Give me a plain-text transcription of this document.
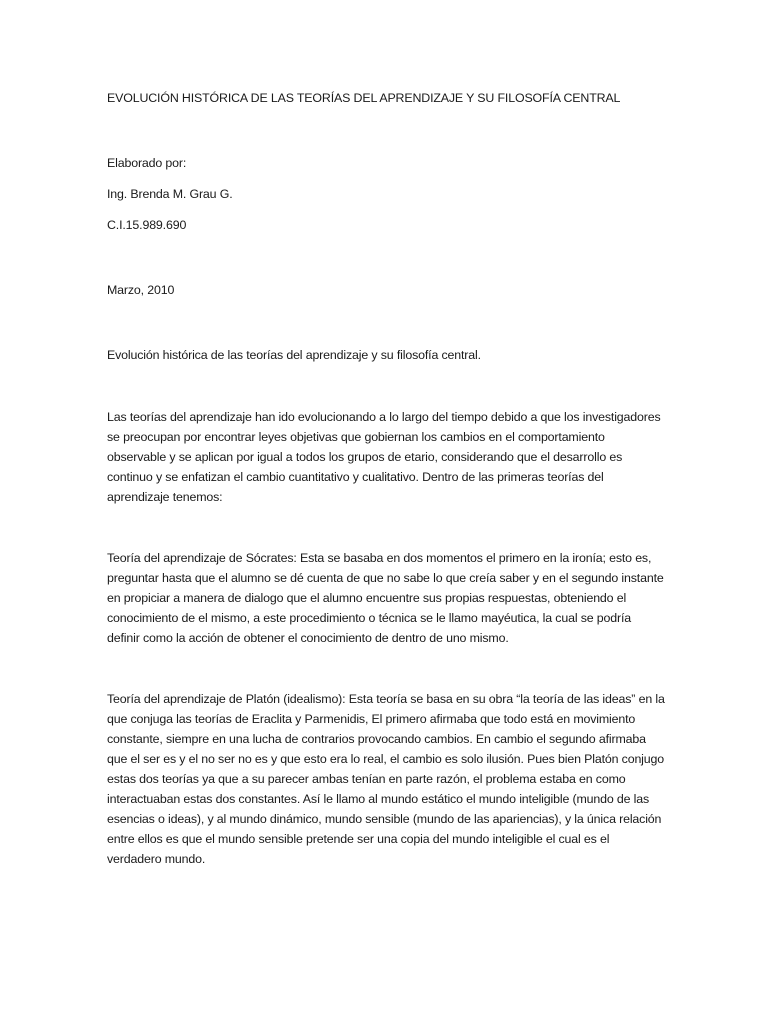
EVOLUCIÓN HISTÓRICA DE LAS TEORÍAS DEL APRENDIZAJE Y SU FILOSOFÍA CENTRAL

Elaborado por:

Ing. Brenda M. Grau G.

C.I.15.989.690

Marzo, 2010

Evolución histórica de las teorías del aprendizaje y su filosofía central.

Las teorías del aprendizaje han ido evolucionando a lo largo del tiempo debido a que los investigadores se preocupan por encontrar leyes objetivas que gobiernan los cambios en el comportamiento observable y se aplican por igual a todos los grupos de etario, considerando que el desarrollo es continuo y se enfatizan el cambio cuantitativo y cualitativo. Dentro de las primeras teorías del aprendizaje tenemos:

Teoría del aprendizaje de Sócrates: Esta se basaba en dos momentos el primero en la ironía; esto es, preguntar hasta que el alumno se dé cuenta de que no sabe lo que creía saber y en el segundo instante en propiciar a manera de dialogo que el alumno encuentre sus propias respuestas, obteniendo el conocimiento de el mismo, a este procedimiento o técnica se le llamo mayéutica, la cual se podría definir como la acción de obtener el conocimiento de dentro de uno mismo.

Teoría del aprendizaje de Platón (idealismo): Esta teoría se basa en su obra “la teoría de las ideas” en la que conjuga las teorías de Eraclita y Parmenidis, El primero afirmaba que todo está en movimiento constante, siempre en una lucha de contrarios provocando cambios. En cambio el segundo afirmaba que el ser es y el no ser no es y que esto era lo real, el cambio es solo ilusión. Pues bien Platón conjugo estas dos teorías ya que a su parecer ambas tenían en parte razón, el problema estaba en como interactuaban estas dos constantes. Así le llamo al mundo estático el mundo inteligible (mundo de las esencias o ideas), y al mundo dinámico, mundo sensible (mundo de las apariencias), y la única relación entre ellos es que el mundo sensible pretende ser una copia del mundo inteligible el cual es el verdadero mundo.
